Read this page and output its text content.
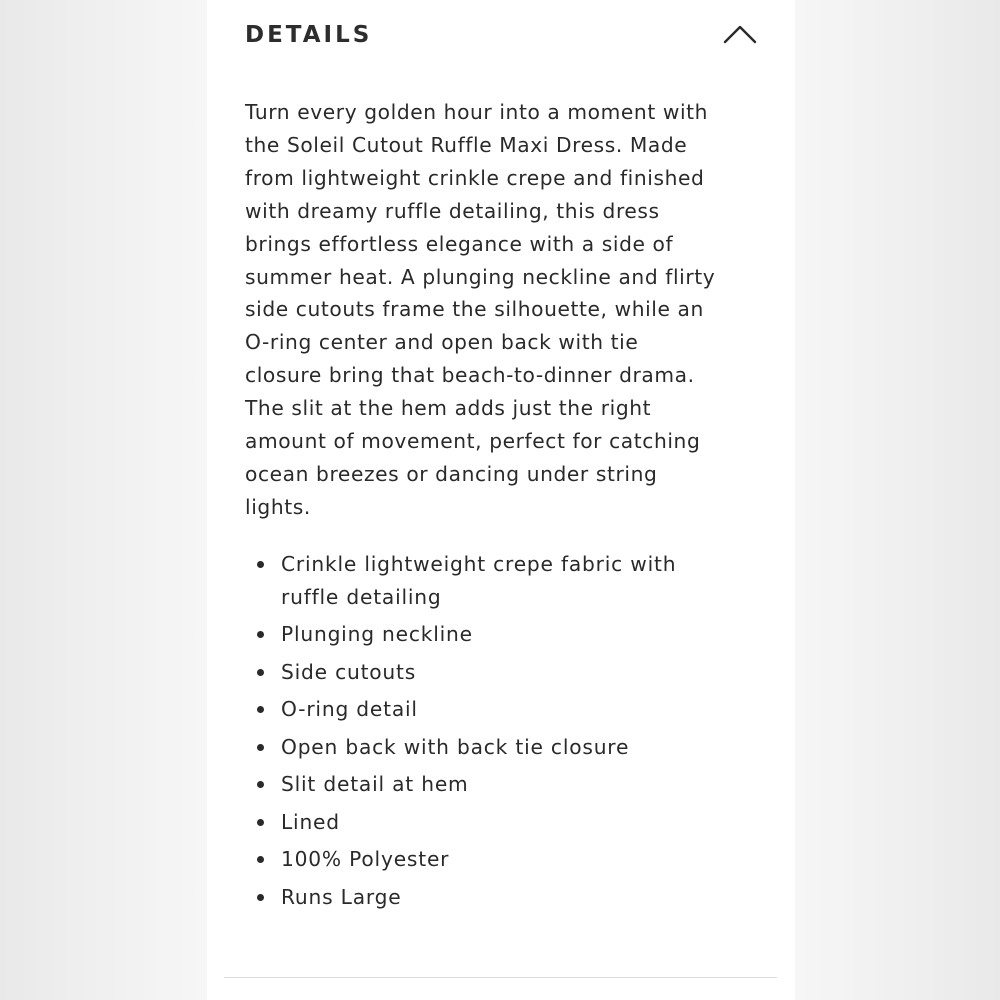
DETAILS

Turn every golden hour into a moment with
the Soleil Cutout Ruffle Maxi Dress. Made
from lightweight crinkle crepe and finished
with dreamy ruffle detailing, this dress
brings effortless elegance with a side of
summer heat. A plunging neckline and flirty
side cutouts frame the silhouette, while an
O-ring center and open back with tie
closure bring that beach-to-dinner drama.
The slit at the hem adds just the right
amount of movement, perfect for catching
ocean breezes or dancing under string
lights.

Crinkle lightweight crepe fabric with
ruffle detailing
Plunging neckline
Side cutouts
O-ring detail
Open back with back tie closure
Slit detail at hem
Lined
100% Polyester
Runs Large
